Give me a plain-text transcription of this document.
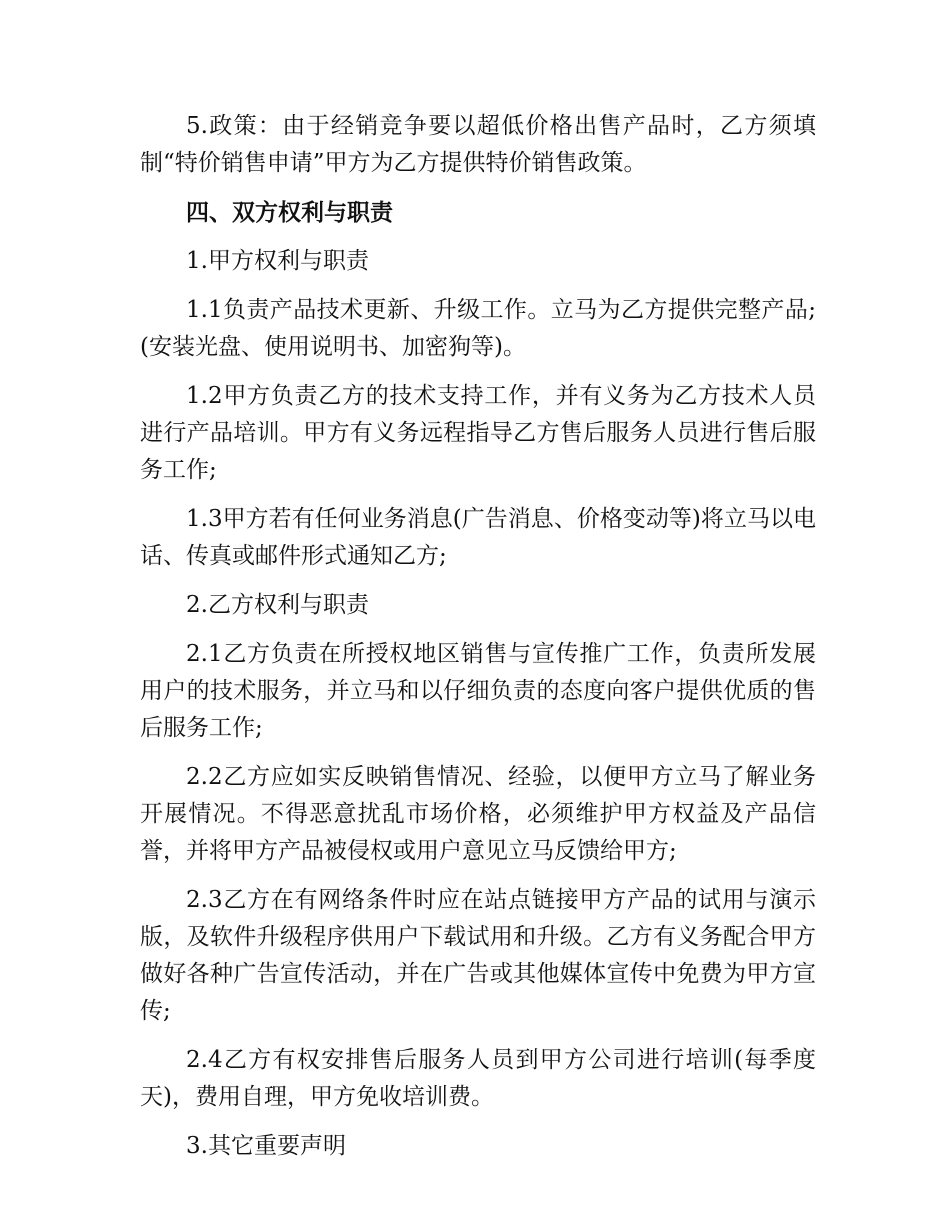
5.政策：由于经销竞争要以超低价格出售产品时，乙方须填制“特价销售申请”甲方为乙方提供特价销售政策。

四、双方权利与职责

1.甲方权利与职责

1.1负责产品技术更新、升级工作。立马为乙方提供完整产品;(安装光盘、使用说明书、加密狗等)。

1.2甲方负责乙方的技术支持工作，并有义务为乙方技术人员进行产品培训。甲方有义务远程指导乙方售后服务人员进行售后服务工作;

1.3甲方若有任何业务消息(广告消息、价格变动等)将立马以电话、传真或邮件形式通知乙方;

2.乙方权利与职责

2.1乙方负责在所授权地区销售与宣传推广工作，负责所发展用户的技术服务，并立马和以仔细负责的态度向客户提供优质的售后服务工作;

2.2乙方应如实反映销售情况、经验，以便甲方立马了解业务开展情况。不得恶意扰乱市场价格，必须维护甲方权益及产品信誉，并将甲方产品被侵权或用户意见立马反馈给甲方;

2.3乙方在有网络条件时应在站点链接甲方产品的试用与演示版，及软件升级程序供用户下载试用和升级。乙方有义务配合甲方做好各种广告宣传活动，并在广告或其他媒体宣传中免费为甲方宣传;

2.4乙方有权安排售后服务人员到甲方公司进行培训(每季度天)，费用自理，甲方免收培训费。

3.其它重要声明
